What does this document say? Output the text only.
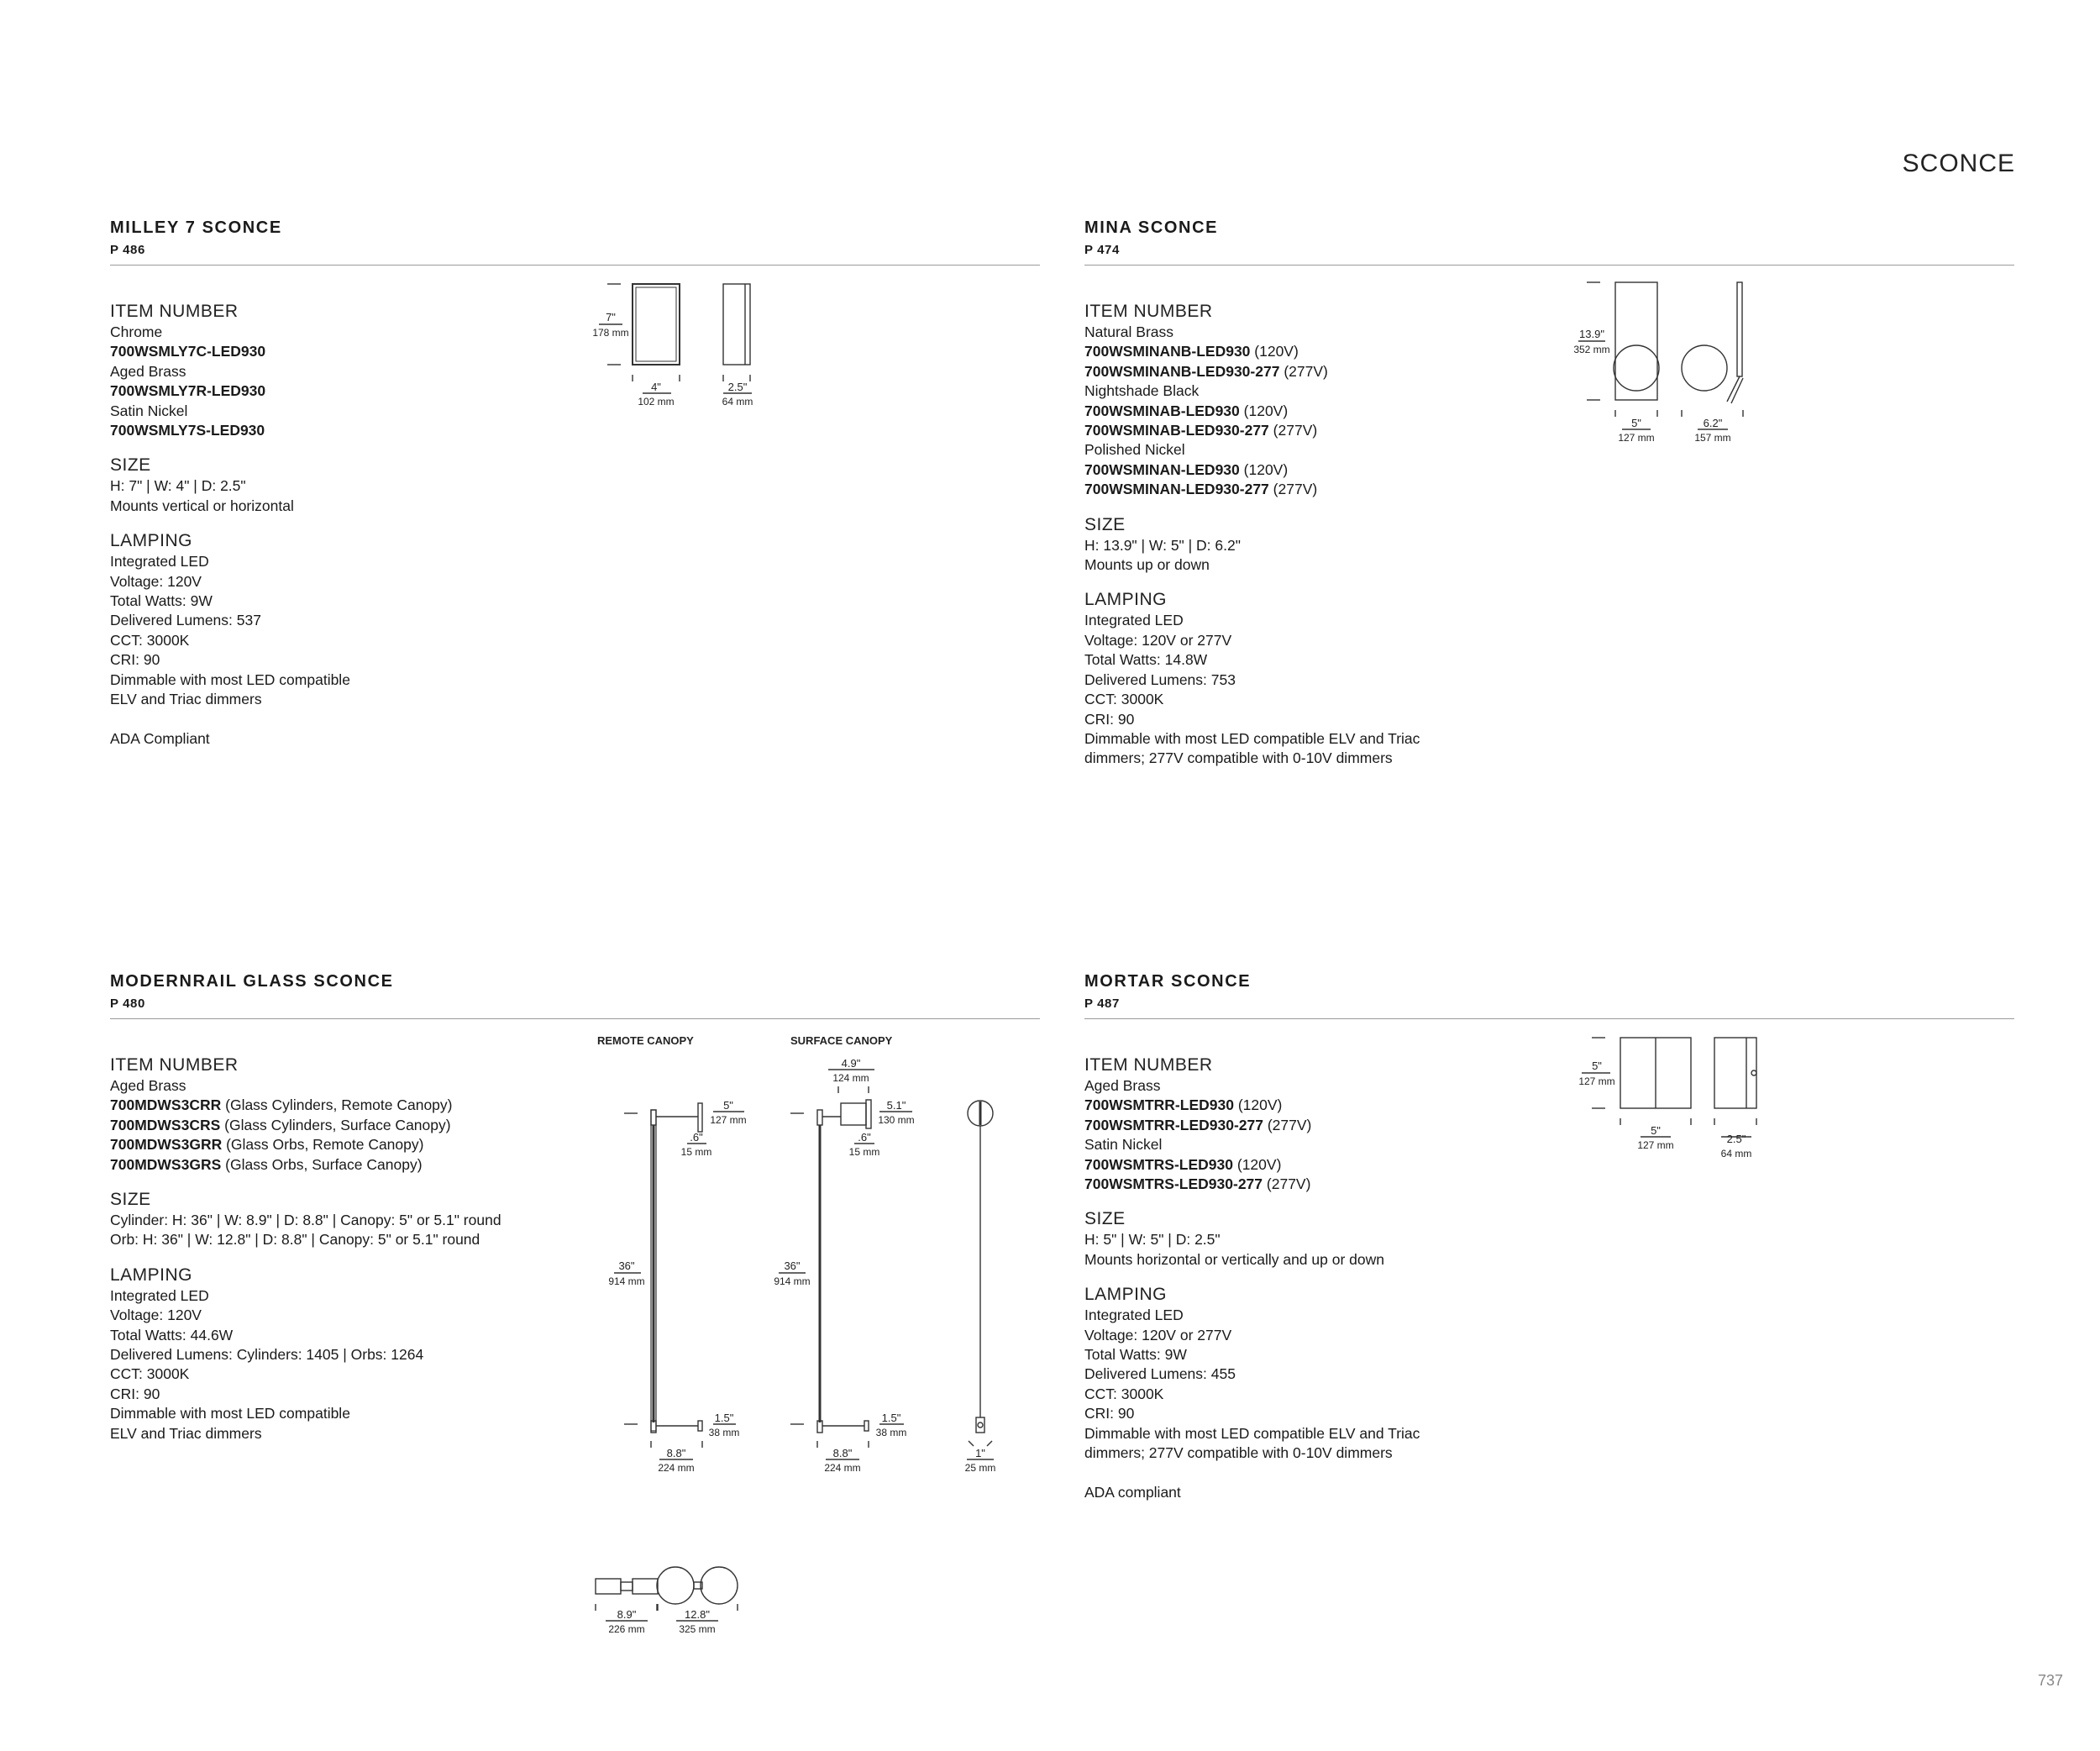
SCONCE
MILLEY 7 SCONCE
P 486
ITEM NUMBER
Chrome
700WSMLY7C-LED930
Aged Brass
700WSMLY7R-LED930
Satin Nickel
700WSMLY7S-LED930
SIZE
H: 7" | W: 4" | D: 2.5"
Mounts vertical or horizontal
LAMPING
Integrated LED
Voltage: 120V
Total Watts: 9W
Delivered Lumens: 537
CCT: 3000K
CRI: 90
Dimmable with most LED compatible
ELV and Triac dimmers
ADA Compliant
7"
178 mm
4"
102 mm
2.5"
64 mm
MINA SCONCE
P 474
ITEM NUMBER
Natural Brass
700WSMINANB-LED930 (120V)
700WSMINANB-LED930-277 (277V)
Nightshade Black
700WSMINAB-LED930 (120V)
700WSMINAB-LED930-277 (277V)
Polished Nickel
700WSMINAN-LED930 (120V)
700WSMINAN-LED930-277 (277V)
SIZE
H: 13.9" | W: 5" | D: 6.2"
Mounts up or down
LAMPING
Integrated LED
Voltage: 120V or 277V
Total Watts: 14.8W
Delivered Lumens: 753
CCT: 3000K
CRI: 90
Dimmable with most LED compatible ELV and Triac
dimmers; 277V compatible with 0-10V dimmers
13.9"
352 mm
5"
127 mm
6.2"
157 mm
MODERNRAIL GLASS SCONCE
P 480
ITEM NUMBER
Aged Brass
700MDWS3CRR (Glass Cylinders, Remote Canopy)
700MDWS3CRS (Glass Cylinders, Surface Canopy)
700MDWS3GRR (Glass Orbs, Remote Canopy)
700MDWS3GRS (Glass Orbs, Surface Canopy)
SIZE
Cylinder: H: 36" | W: 8.9" | D: 8.8" | Canopy: 5" or 5.1" round
Orb: H: 36" | W: 12.8" | D: 8.8" | Canopy: 5" or 5.1" round
LAMPING
Integrated LED
Voltage: 120V
Total Watts: 44.6W
Delivered Lumens: Cylinders: 1405 | Orbs: 1264
CCT: 3000K
CRI: 90
Dimmable with most LED compatible
ELV and Triac dimmers
REMOTE CANOPY	SURFACE CANOPY
5"
127 mm
.6"
15 mm
36"
914 mm
1.5"
38 mm
8.8"
224 mm
4.9"
124 mm
5.1"
130 mm
.6"
15 mm
36"
914 mm
1.5"
38 mm
8.8"
224 mm
1"
25 mm
8.9"
226 mm
12.8"
325 mm
MORTAR SCONCE
P 487
ITEM NUMBER
Aged Brass
700WSMTRR-LED930 (120V)
700WSMTRR-LED930-277 (277V)
Satin Nickel
700WSMTRS-LED930 (120V)
700WSMTRS-LED930-277 (277V)
SIZE
H: 5" | W: 5" | D: 2.5"
Mounts horizontal or vertically and up or down
LAMPING
Integrated LED
Voltage: 120V or 277V
Total Watts: 9W
Delivered Lumens: 455
CCT: 3000K
CRI: 90
Dimmable with most LED compatible ELV and Triac
dimmers; 277V compatible with 0-10V dimmers
ADA compliant
5"
127 mm
5"
127 mm	2.5"
64 mm
737
